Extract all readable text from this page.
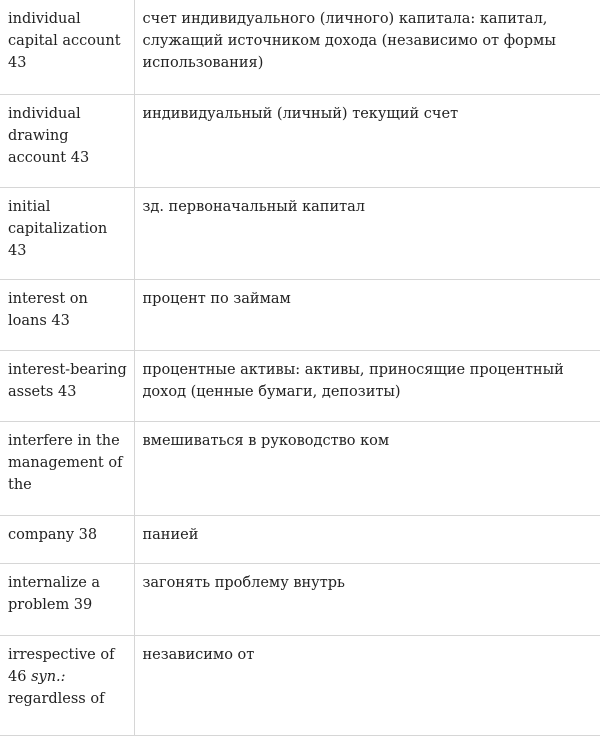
individual capital account 43	счет индивидуального (личного) капитала: капитал, служащий источником дохода (независимо от формы использования)
individual drawing account 43	индивидуальный (личный) текущий счет
initial capitalization 43	зд. первоначальный капитал
interest on loans 43	процент по займам
interest-bearing assets 43	процентные активы: активы, приносящие процентный доход (ценные бумаги, депозиты)
interfere in the management of the	вмешиваться в руководство ком
company 38	панией
internalize a problem 39	загонять проблему внутрь
irrespective of 46 syn.: regardless of	независимо от
